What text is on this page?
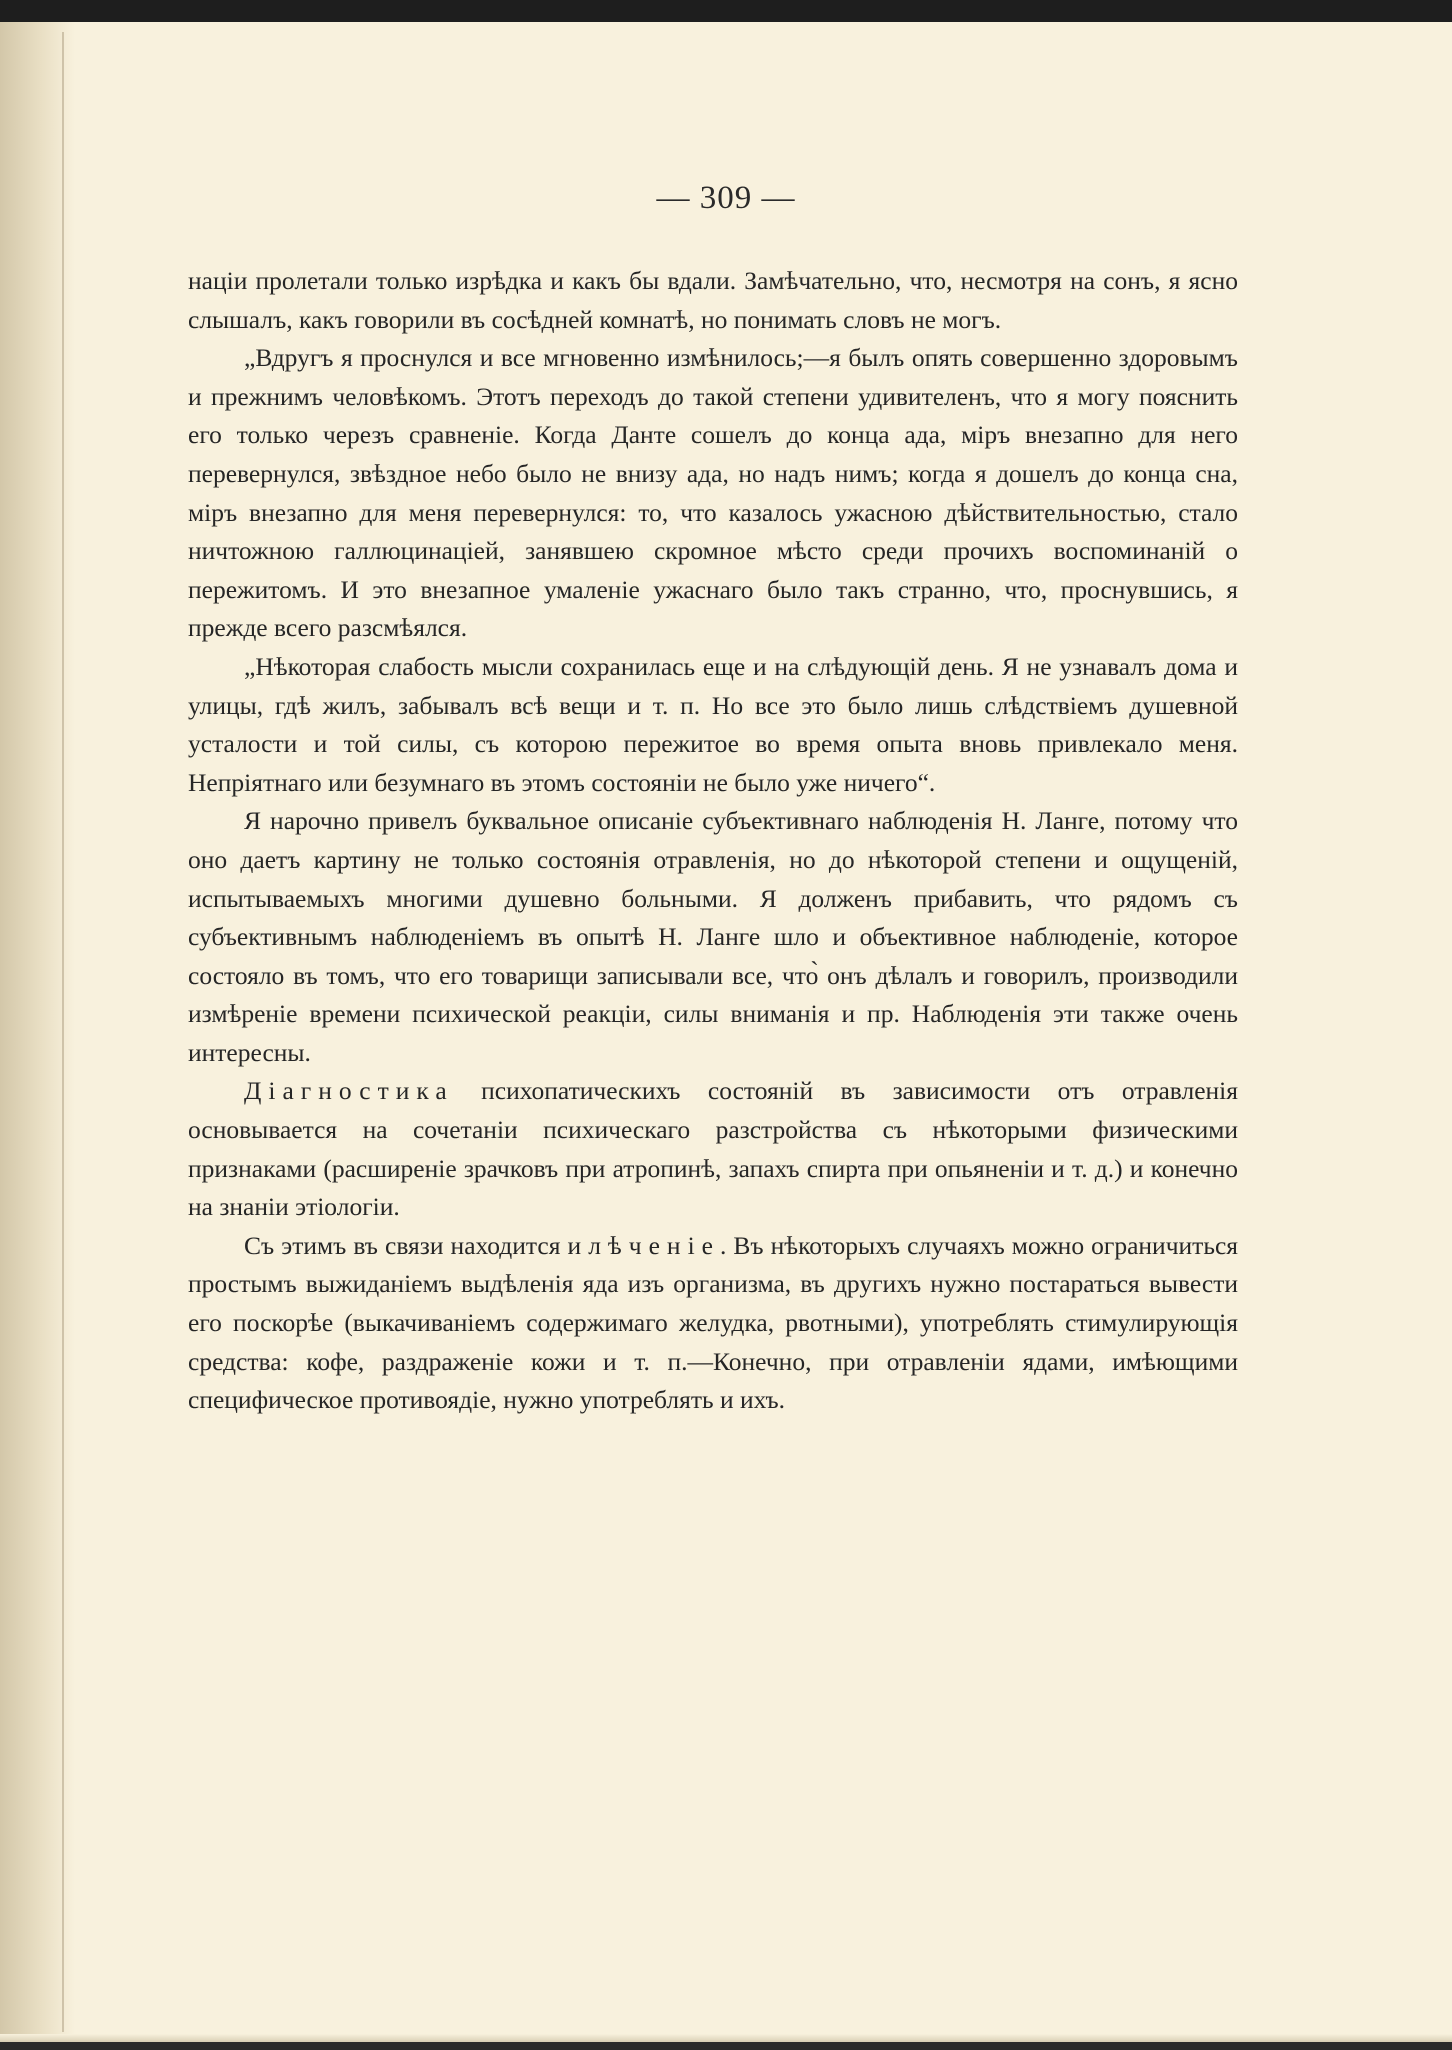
— 309 —

націи пролетали только изрѣдка и какъ бы вдали. Замѣчательно, что, несмотря на сонъ, я ясно слышалъ, какъ говорили въ сосѣдней комнатѣ, но понимать словъ не могъ.

„Вдругъ я проснулся и все мгновенно измѣнилось;—я былъ опять совершенно здоровымъ и прежнимъ человѣкомъ. Этотъ переходъ до такой степени удивителенъ, что я могу пояснить его только черезъ сравненіе. Когда Данте сошелъ до конца ада, міръ внезапно для него перевернулся, звѣздное небо было не внизу ада, но надъ нимъ; когда я дошелъ до конца сна, міръ внезапно для меня перевернулся: то, что казалось ужасною дѣйствительностью, стало ничтожною галлюцинаціей, занявшею скромное мѣсто среди прочихъ воспоминаній о пережитомъ. И это внезапное умаленіе ужаснаго было такъ странно, что, проснувшись, я прежде всего разсмѣялся.

„Нѣкоторая слабость мысли сохранилась еще и на слѣдующій день. Я не узнавалъ дома и улицы, гдѣ жилъ, забывалъ всѣ вещи и т. п. Но все это было лишь слѣдствіемъ душевной усталости и той силы, съ которою пережитое во время опыта вновь привлекало меня. Непріятнаго или безумнаго въ этомъ состояніи не было уже ничего“.

Я нарочно привелъ буквальное описаніе субъективнаго наблюденія Н. Ланге, потому что оно даетъ картину не только состоянія отравленія, но до нѣкоторой степени и ощущеній, испытываемыхъ многими душевно больными. Я долженъ прибавить, что рядомъ съ субъективнымъ наблюденіемъ въ опытѣ Н. Ланге шло и объективное наблюденіе, которое состояло въ томъ, что его товарищи записывали все, что̀ онъ дѣлалъ и говорилъ, производили измѣреніе времени психической реакціи, силы вниманія и пр. Наблюденія эти также очень интересны.

Діагностика психопатическихъ состояній въ зависимости отъ отравленія основывается на сочетаніи психическаго разстройства съ нѣкоторыми физическими признаками (расширеніе зрачковъ при атропинѣ, запахъ спирта при опьяненіи и т. д.) и конечно на знаніи этіологіи.

Съ этимъ въ связи находится и лѣченіе. Въ нѣкоторыхъ случаяхъ можно ограничиться простымъ выжиданіемъ выдѣленія яда изъ организма, въ другихъ нужно постараться вывести его поскорѣе (выкачиваніемъ содержимаго желудка, рвотными), употреблять стимулирующія средства: кофе, раздраженіе кожи и т. п.—Конечно, при отравленіи ядами, имѣющими специфическое противоядіе, нужно употреблять и ихъ.
